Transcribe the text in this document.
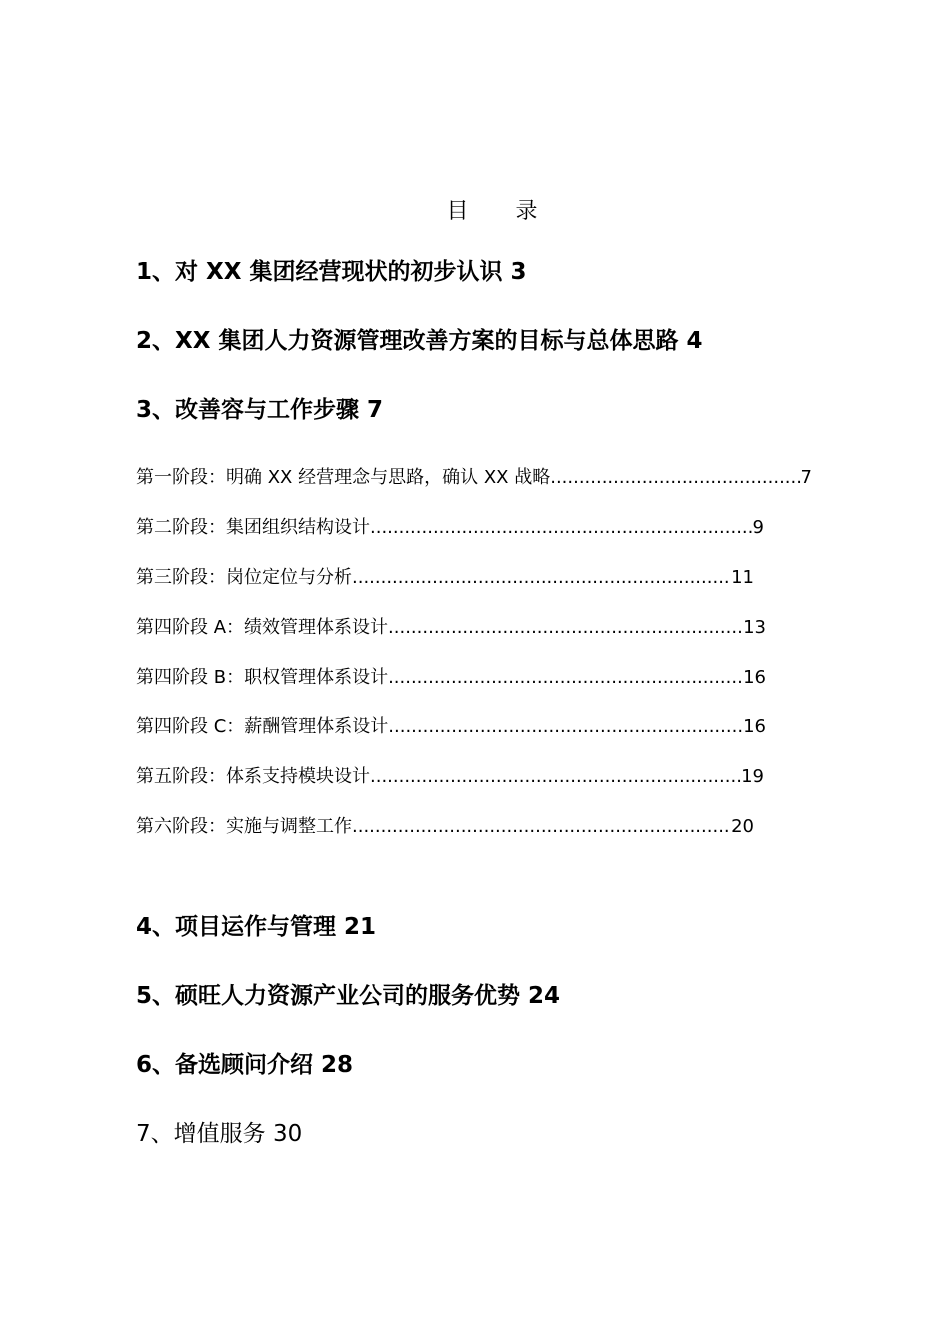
目 录
1、对 XX 集团经营现状的初步认识 3
2、XX 集团人力资源管理改善方案的目标与总体思路 4
3、改善容与工作步骤 7
第一阶段：明确 XX 经营理念与思路，确认 XX 战略 .....	7
第二阶段：集团组织结构设计 .....	9
第三阶段：岗位定位与分析 .....	11
第四阶段 A：绩效管理体系设计 .....	13
第四阶段 B：职权管理体系设计 .....	16
第四阶段 C：薪酬管理体系设计 .....	16
第五阶段：体系支持模块设计 .....	19
第六阶段：实施与调整工作 .....	20
4、项目运作与管理 21
5、硕旺人力资源产业公司的服务优势 24
6、备选顾问介绍 28
7、增值服务 30
